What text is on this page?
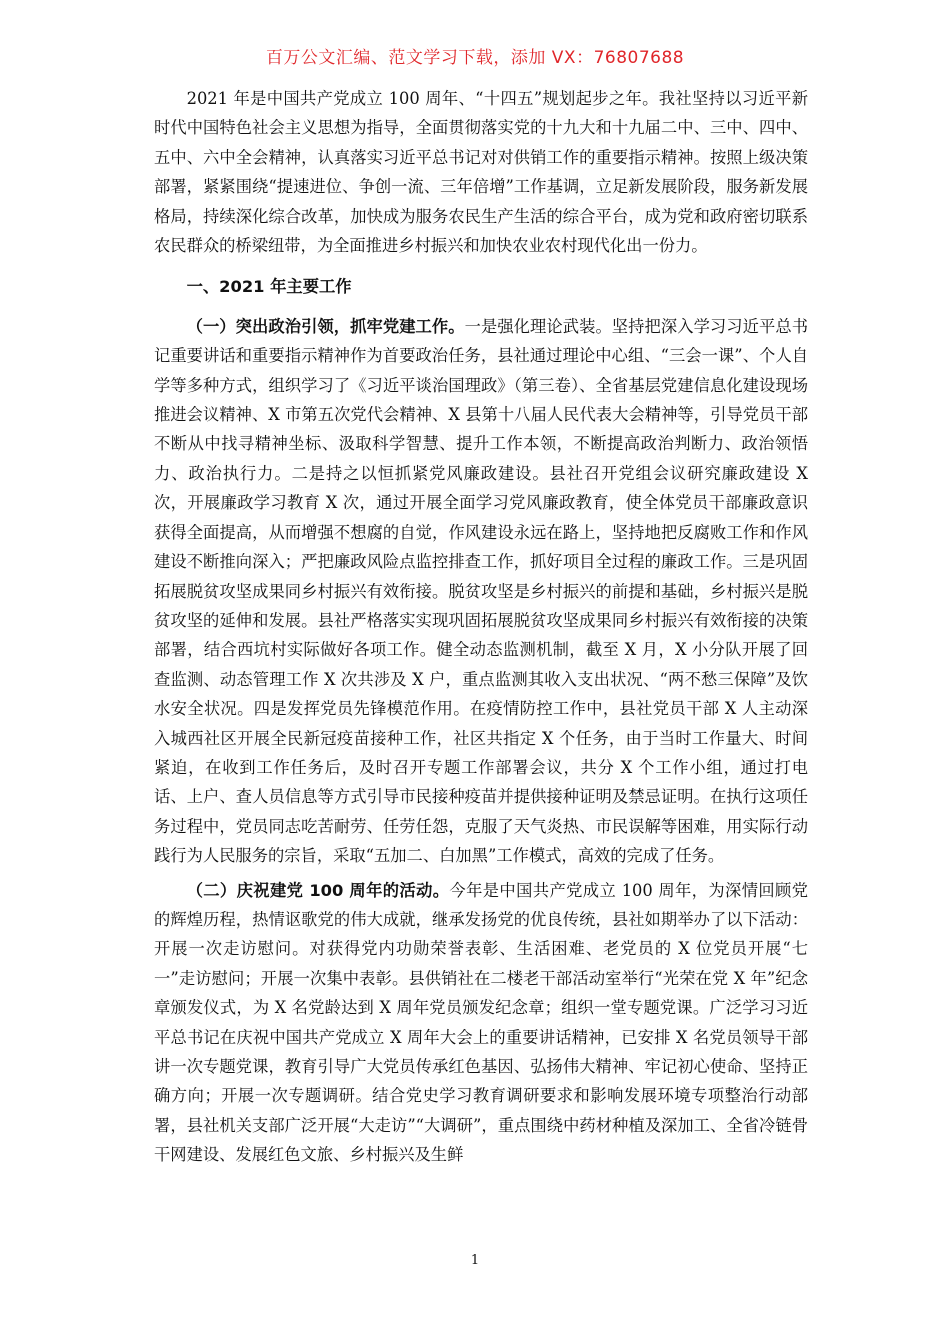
百万公文汇编、范文学习下载，添加 VX：76807688

2021 年是中国共产党成立 100 周年、“十四五”规划起步之年。我社坚持以习近平新时代中国特色社会主义思想为指导，全面贯彻落实党的十九大和十九届二中、三中、四中、五中、六中全会精神，认真落实习近平总书记对对供销工作的重要指示精神。按照上级决策部署，紧紧围绕“提速进位、争创一流、三年倍增”工作基调，立足新发展阶段，服务新发展格局，持续深化综合改革，加快成为服务农民生产生活的综合平台，成为党和政府密切联系农民群众的桥梁纽带，为全面推进乡村振兴和加快农业农村现代化出一份力。

一、2021 年主要工作

（一）突出政治引领，抓牢党建工作。一是强化理论武装。坚持把深入学习习近平总书记重要讲话和重要指示精神作为首要政治任务，县社通过理论中心组、“三会一课”、个人自学等多种方式，组织学习了《习近平谈治国理政》（第三卷）、全省基层党建信息化建设现场推进会议精神、X 市第五次党代会精神、X 县第十八届人民代表大会精神等，引导党员干部不断从中找寻精神坐标、汲取科学智慧、提升工作本领，不断提高政治判断力、政治领悟力、政治执行力。二是持之以恒抓紧党风廉政建设。县社召开党组会议研究廉政建设 X 次，开展廉政学习教育 X 次，通过开展全面学习党风廉政教育，使全体党员干部廉政意识获得全面提高，从而增强不想腐的自觉，作风建设永远在路上，坚持地把反腐败工作和作风建设不断推向深入；严把廉政风险点监控排查工作，抓好项目全过程的廉政工作。三是巩固拓展脱贫攻坚成果同乡村振兴有效衔接。脱贫攻坚是乡村振兴的前提和基础，乡村振兴是脱贫攻坚的延伸和发展。县社严格落实实现巩固拓展脱贫攻坚成果同乡村振兴有效衔接的决策部署，结合西坑村实际做好各项工作。健全动态监测机制，截至 X 月，X 小分队开展了回查监测、动态管理工作 X 次共涉及 X 户，重点监测其收入支出状况、“两不愁三保障”及饮水安全状况。四是发挥党员先锋模范作用。在疫情防控工作中，县社党员干部 X 人主动深入城西社区开展全民新冠疫苗接种工作，社区共指定 X 个任务，由于当时工作量大、时间紧迫，在收到工作任务后，及时召开专题工作部署会议，共分 X 个工作小组，通过打电话、上户、查人员信息等方式引导市民接种疫苗并提供接种证明及禁忌证明。在执行这项任务过程中，党员同志吃苦耐劳、任劳任怨，克服了天气炎热、市民误解等困难，用实际行动践行为人民服务的宗旨，采取“五加二、白加黑”工作模式，高效的完成了任务。

（二）庆祝建党 100 周年的活动。今年是中国共产党成立 100 周年，为深情回顾党的辉煌历程，热情讴歌党的伟大成就，继承发扬党的优良传统，县社如期举办了以下活动：开展一次走访慰问。对获得党内功勋荣誉表彰、生活困难、老党员的 X 位党员开展“七一”走访慰问；开展一次集中表彰。县供销社在二楼老干部活动室举行“光荣在党 X 年”纪念章颁发仪式，为 X 名党龄达到 X 周年党员颁发纪念章；组织一堂专题党课。广泛学习习近平总书记在庆祝中国共产党成立 X 周年大会上的重要讲话精神，已安排 X 名党员领导干部讲一次专题党课，教育引导广大党员传承红色基因、弘扬伟大精神、牢记初心使命、坚持正确方向；开展一次专题调研。结合党史学习教育调研要求和影响发展环境专项整治行动部署，县社机关支部广泛开展“大走访”“大调研”，重点围绕中药材种植及深加工、全省冷链骨干网建设、发展红色文旅、乡村振兴及生鲜

1
